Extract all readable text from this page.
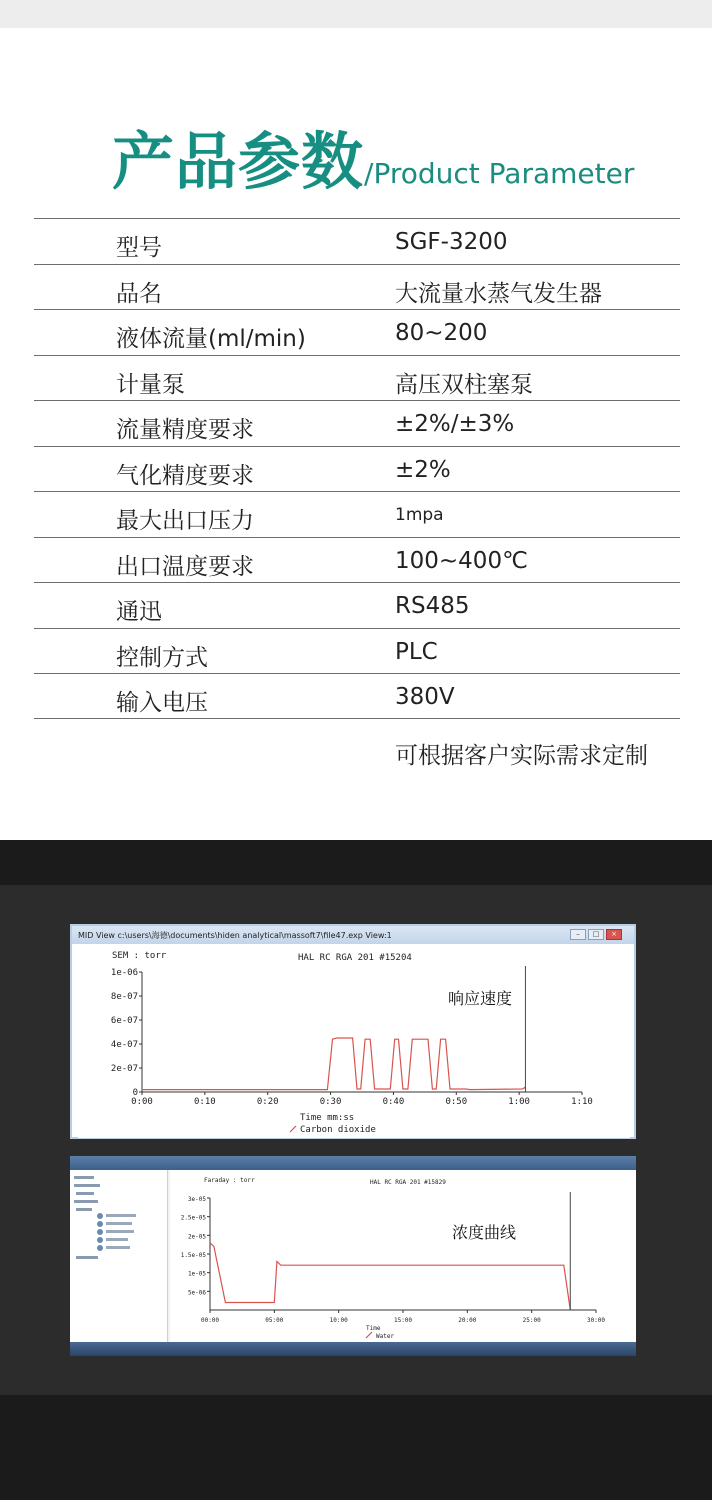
产品参数/Product Parameter
型号	SGF-3200
品名	大流量水蒸气发生器
液体流量(ml/min)	80~200
计量泵	高压双柱塞泵
流量精度要求	±2%/±3%
气化精度要求	±2%
最大出口压力	1mpa
出口温度要求	100~400℃
通迅	RS485
控制方式	PLC
输入电压	380V
可根据客户实际需求定制
MID View c:\users\海德\documents\hiden analytical\massoft7\file47.exp View:1	–	□	×
HAL RC RGA 201 #15204
SEM : torr
Time mm:ss
0
2e-07
4e-07
6e-07
8e-07
1e-06
0:00	0:10	0:20	0:30	0:40	0:50	1:00	1:10
Carbon dioxide
响应速度
HAL RC RGA 201 #15829
Faraday : torr
Time
3e-05
2.5e-05
2e-05
1.5e-05
1e-05
5e-06
00:00	05:00	10:00	15:00	20:00	25:00	30:00
Water
浓度曲线
